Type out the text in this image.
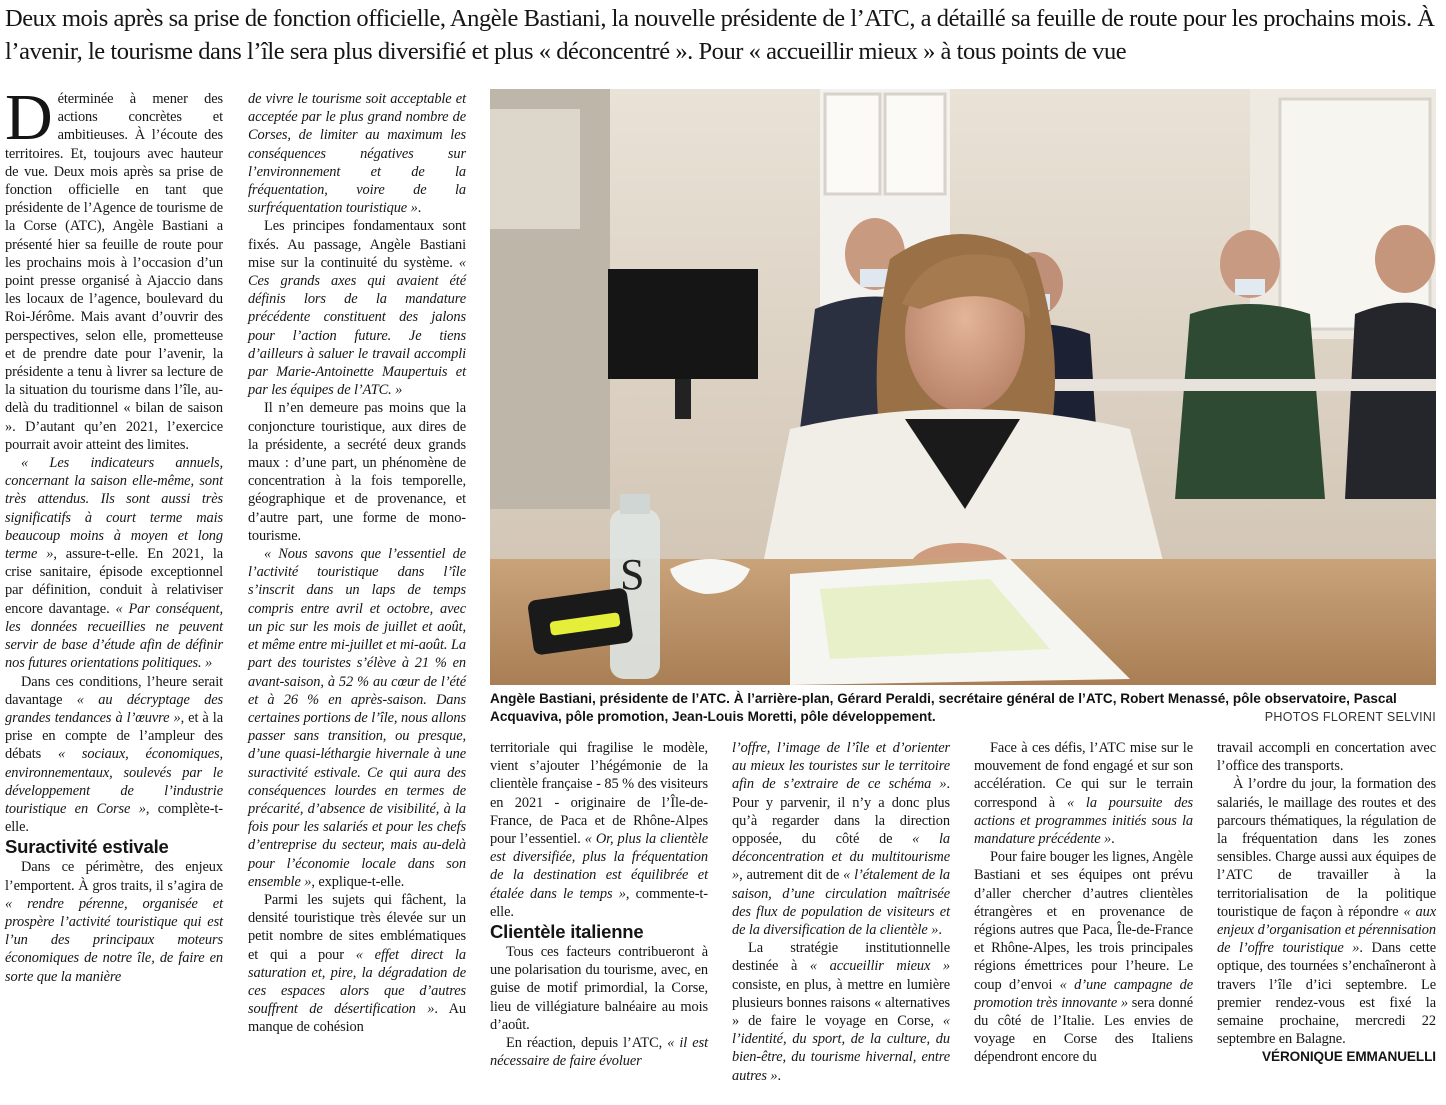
Deux mois après sa prise de fonction officielle, Angèle Bastiani, la nouvelle présidente de l’ATC, a détaillé sa feuille de route pour les prochains mois. À l’avenir, le tourisme dans l’île sera plus diversifié et plus « déconcentré ». Pour « accueillir mieux » à tous points de vue

Déterminée à mener des actions concrètes et ambitieuses. À l’écoute des territoires. Et, toujours avec hauteur de vue. Deux mois après sa prise de fonction officielle en tant que présidente de l’Agence de tourisme de la Corse (ATC), Angèle Bastiani a présenté hier sa feuille de route pour les prochains mois à l’occasion d’un point presse organisé à Ajaccio dans les locaux de l’agence, boulevard du Roi-Jérôme. Mais avant d’ouvrir des perspectives, selon elle, prometteuse et de prendre date pour l’avenir, la présidente a tenu à livrer sa lecture de la situation du tourisme dans l’île, au-delà du traditionnel « bilan de saison ». D’autant qu’en 2021, l’exercice pourrait avoir atteint des limites.

« Les indicateurs annuels, concernant la saison elle-même, sont très attendus. Ils sont aussi très significatifs à court terme mais beaucoup moins à moyen et long terme », assure-t-elle. En 2021, la crise sanitaire, épisode exceptionnel par définition, conduit à relativiser encore davantage. « Par conséquent, les données recueillies ne peuvent servir de base d’étude afin de définir nos futures orientations politiques. »

Dans ces conditions, l’heure serait davantage « au décryptage des grandes tendances à l’œuvre », et à la prise en compte de l’ampleur des débats « sociaux, économiques, environnementaux, soulevés par le développement de l’industrie touristique en Corse », complète-t-elle.

Suractivité estivale

Dans ce périmètre, des enjeux l’emportent. À gros traits, il s’agira de « rendre pérenne, organisée et prospère l’activité touristique qui est l’un des principaux moteurs économiques de notre île, de faire en sorte que la manière

de vivre le tourisme soit acceptable et acceptée par le plus grand nombre de Corses, de limiter au maximum les conséquences négatives sur l’environnement et de la fréquentation, voire de la surfréquentation touristique ».

Les principes fondamentaux sont fixés. Au passage, Angèle Bastiani mise sur la continuité du système. « Ces grands axes qui avaient été définis lors de la mandature précédente constituent des jalons pour l’action future. Je tiens d’ailleurs à saluer le travail accompli par Marie-Antoinette Maupertuis et par les équipes de l’ATC. »

Il n’en demeure pas moins que la conjoncture touristique, aux dires de la présidente, a secrété deux grands maux : d’une part, un phénomène de concentration à la fois temporelle, géographique et de provenance, et d’autre part, une forme de mono-tourisme.

« Nous savons que l’essentiel de l’activité touristique dans l’île s’inscrit dans un laps de temps compris entre avril et octobre, avec un pic sur les mois de juillet et août, et même entre mi-juillet et mi-août. La part des touristes s’élève à 21 % en avant-saison, à 52 % au cœur de l’été et à 26 % en après-saison. Dans certaines portions de l’île, nous allons passer sans transition, ou presque, d’une quasi-léthargie hivernale à une suractivité estivale. Ce qui aura des conséquences lourdes en termes de précarité, d’absence de visibilité, à la fois pour les salariés et pour les chefs d’entreprise du secteur, mais au-delà pour l’économie locale dans son ensemble », explique-t-elle.

Parmi les sujets qui fâchent, la densité touristique très élevée sur un petit nombre de sites emblématiques et qui a pour « effet direct la saturation et, pire, la dégradation de ces espaces alors que d’autres souffrent de désertification ». Au manque de cohésion

S
Angèle Bastiani, présidente de l’ATC. À l’arrière-plan, Gérard Peraldi, secrétaire général de l’ATC, Robert Menassé, pôle observatoire, Pascal Acquaviva, pôle promotion, Jean-Louis Moretti, pôle développement.	PHOTOS FLORENT SELVINI

territoriale qui fragilise le modèle, vient s’ajouter l’hégémonie de la clientèle française - 85 % des visiteurs en 2021 - originaire de l’Île-de-France, de Paca et de Rhône-Alpes pour l’essentiel. « Or, plus la clientèle est diversifiée, plus la fréquentation de la destination est équilibrée et étalée dans le temps », commente-t-elle.

Clientèle italienne

Tous ces facteurs contribueront à une polarisation du tourisme, avec, en guise de motif primordial, la Corse, lieu de villégiature balnéaire au mois d’août.

En réaction, depuis l’ATC, « il est nécessaire de faire évoluer

l’offre, l’image de l’île et d’orienter au mieux les touristes sur le territoire afin de s’extraire de ce schéma ». Pour y parvenir, il n’y a donc plus qu’à regarder dans la direction opposée, du côté de « la déconcentration et du multitourisme », autrement dit de « l’étalement de la saison, d’une circulation maîtrisée des flux de population de visiteurs et de la diversification de la clientèle ».

La stratégie institutionnelle destinée à « accueillir mieux » consiste, en plus, à mettre en lumière plusieurs bonnes raisons « alternatives » de faire le voyage en Corse, « l’identité, du sport, de la culture, du bien-être, du tourisme hivernal, entre autres ».

Face à ces défis, l’ATC mise sur le mouvement de fond engagé et sur son accélération. Ce qui sur le terrain correspond à « la poursuite des actions et programmes initiés sous la mandature précédente ».

Pour faire bouger les lignes, Angèle Bastiani et ses équipes ont prévu d’aller chercher d’autres clientèles étrangères et en provenance de régions autres que Paca, Île-de-France et Rhône-Alpes, les trois principales régions émettrices pour l’heure. Le coup d’envoi « d’une campagne de promotion très innovante » sera donné du côté de l’Italie. Les envies de voyage en Corse des Italiens dépendront encore du

travail accompli en concertation avec l’office des transports.

À l’ordre du jour, la formation des salariés, le maillage des routes et des parcours thématiques, la régulation de la fréquentation dans les zones sensibles. Charge aussi aux équipes de l’ATC de travailler à la territorialisation de la politique touristique de façon à répondre « aux enjeux d’organisation et pérennisation de l’offre touristique ». Dans cette optique, des tournées s’enchaîneront à travers l’île d’ici septembre. Le premier rendez-vous est fixé la semaine prochaine, mercredi 22 septembre en Balagne.

VÉRONIQUE EMMANUELLI
